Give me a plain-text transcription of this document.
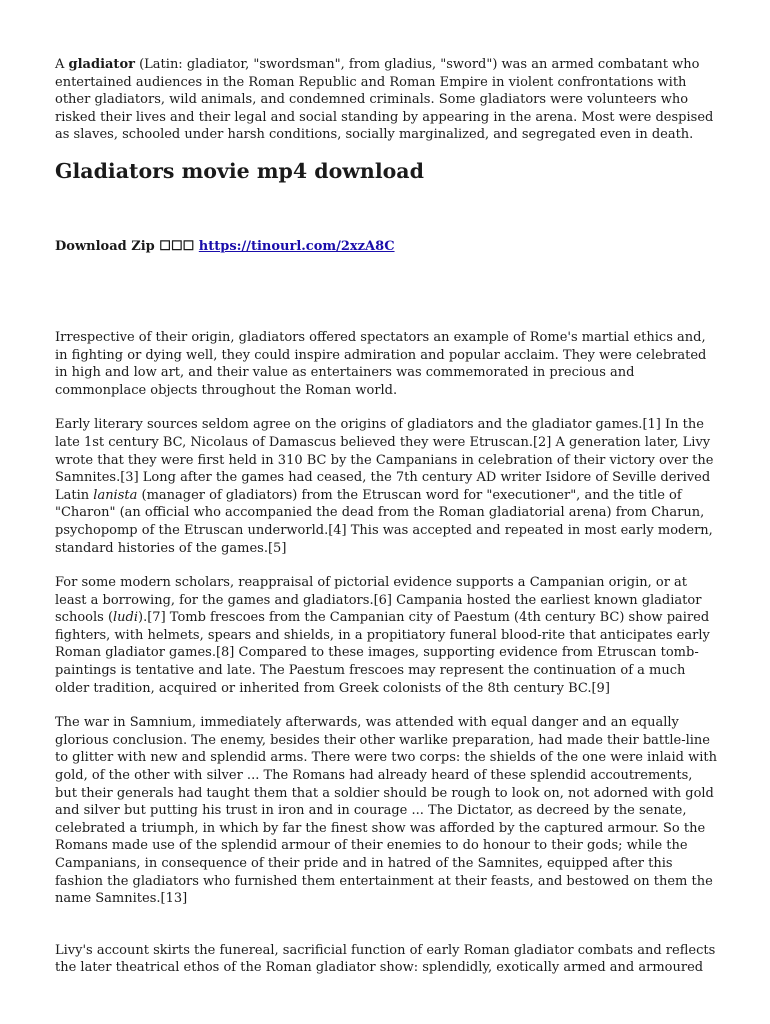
A gladiator (Latin: gladiator, "swordsman", from gladius, "sword") was an armed combatant who entertained audiences in the Roman Republic and Roman Empire in violent confrontations with other gladiators, wild animals, and condemned criminals. Some gladiators were volunteers who risked their lives and their legal and social standing by appearing in the arena. Most were despised as slaves, schooled under harsh conditions, socially marginalized, and segregated even in death.

Gladiators movie mp4 download
Download Zip ☐☐☐ https://tinourl.com/2xzA8C

Irrespective of their origin, gladiators offered spectators an example of Rome's martial ethics and, in fighting or dying well, they could inspire admiration and popular acclaim. They were celebrated in high and low art, and their value as entertainers was commemorated in precious and commonplace objects throughout the Roman world.

Early literary sources seldom agree on the origins of gladiators and the gladiator games.[1] In the late 1st century BC, Nicolaus of Damascus believed they were Etruscan.[2] A generation later, Livy wrote that they were first held in 310 BC by the Campanians in celebration of their victory over the Samnites.[3] Long after the games had ceased, the 7th century AD writer Isidore of Seville derived Latin lanista (manager of gladiators) from the Etruscan word for "executioner", and the title of "Charon" (an official who accompanied the dead from the Roman gladiatorial arena) from Charun, psychopomp of the Etruscan underworld.[4] This was accepted and repeated in most early modern, standard histories of the games.[5]

For some modern scholars, reappraisal of pictorial evidence supports a Campanian origin, or at least a borrowing, for the games and gladiators.[6] Campania hosted the earliest known gladiator schools (ludi).[7] Tomb frescoes from the Campanian city of Paestum (4th century BC) show paired fighters, with helmets, spears and shields, in a propitiatory funeral blood-rite that anticipates early Roman gladiator games.[8] Compared to these images, supporting evidence from Etruscan tomb-paintings is tentative and late. The Paestum frescoes may represent the continuation of a much older tradition, acquired or inherited from Greek colonists of the 8th century BC.[9]

The war in Samnium, immediately afterwards, was attended with equal danger and an equally glorious conclusion. The enemy, besides their other warlike preparation, had made their battle-line to glitter with new and splendid arms. There were two corps: the shields of the one were inlaid with gold, of the other with silver ... The Romans had already heard of these splendid accoutrements, but their generals had taught them that a soldier should be rough to look on, not adorned with gold and silver but putting his trust in iron and in courage ... The Dictator, as decreed by the senate, celebrated a triumph, in which by far the finest show was afforded by the captured armour. So the Romans made use of the splendid armour of their enemies to do honour to their gods; while the Campanians, in consequence of their pride and in hatred of the Samnites, equipped after this fashion the gladiators who furnished them entertainment at their feasts, and bestowed on them the name Samnites.[13]

Livy's account skirts the funereal, sacrificial function of early Roman gladiator combats and reflects the later theatrical ethos of the Roman gladiator show: splendidly, exotically armed and armoured
